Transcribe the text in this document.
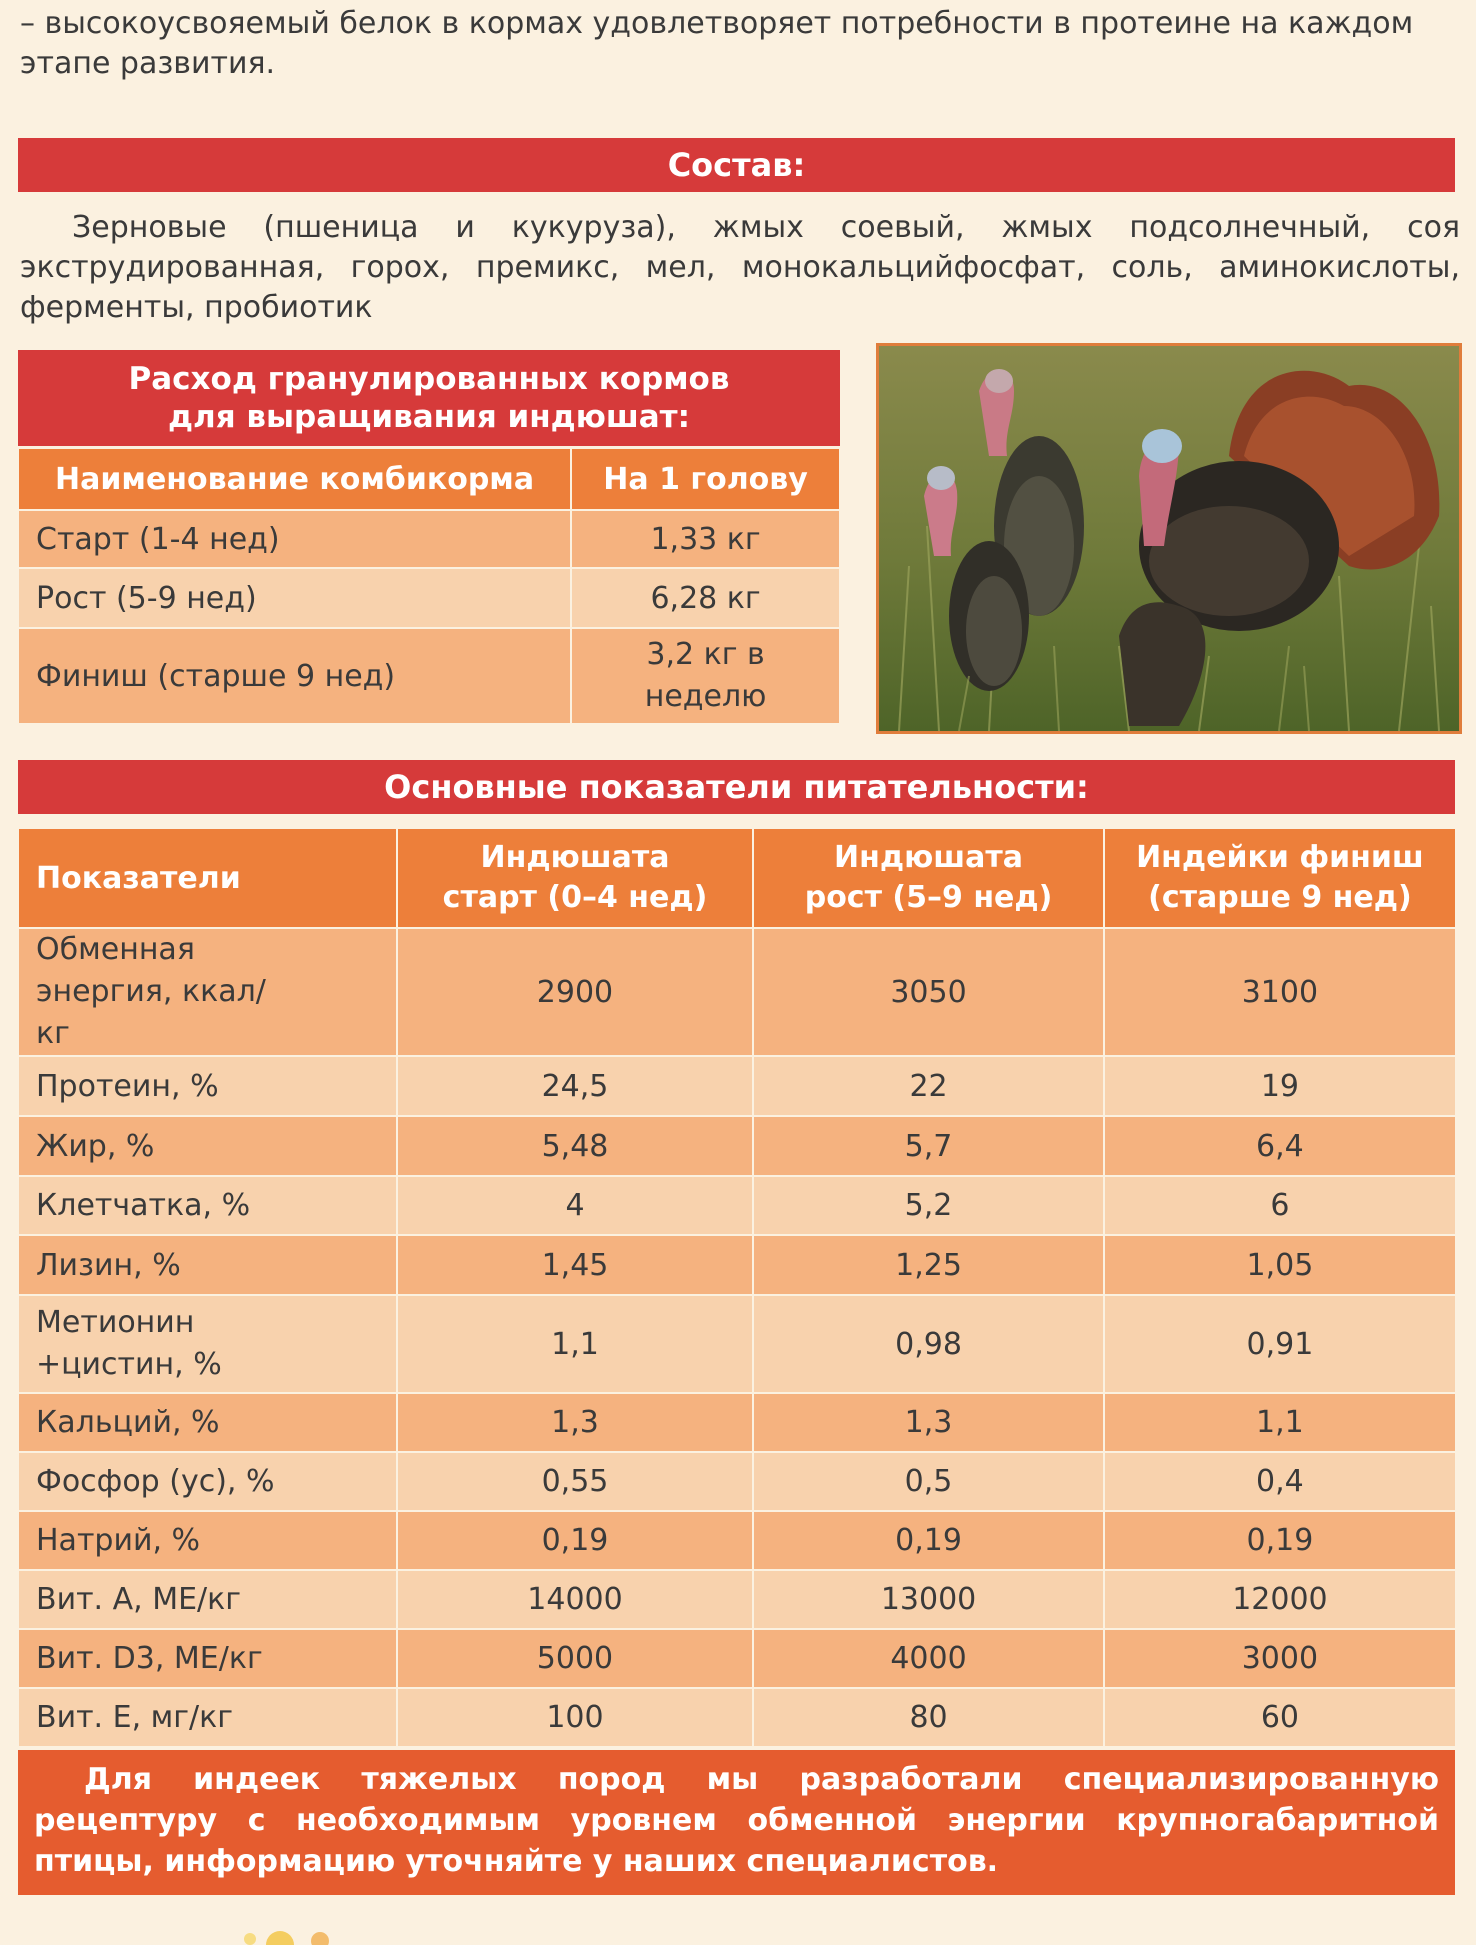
– высокоусвояемый белок в кормах удовлетворяет потребности в протеине на каждом этапе развития.
Состав:
Зерновые (пшеница и кукуруза), жмых соевый, жмых подсолнечный, соя экструдированная, горох, премикс, мел, монокальцийфосфат, соль, аминокислоты, ферменты, пробиотик
Расход гранулированных кормов
для выращивания индюшат:
Наименование комбикорма	На 1 голову
Старт (1-4 нед)	1,33 кг
Рост (5-9 нед)	6,28 кг
Финиш (старше 9 нед)	3,2 кг в неделю
Основные показатели питательности:
Показатели	Индюшата старт (0–4 нед)	Индюшата рост (5–9 нед)	Индейки финиш (старше 9 нед)
Обменная энергия, ккал/кг	2900	3050	3100
Протеин, %	24,5	22	19
Жир, %	5,48	5,7	6,4
Клетчатка, %	4	5,2	6
Лизин, %	1,45	1,25	1,05
Метионин +цистин, %	1,1	0,98	0,91
Кальций, %	1,3	1,3	1,1
Фосфор (ус), %	0,55	0,5	0,4
Натрий, %	0,19	0,19	0,19
Вит. А, МЕ/кг	14000	13000	12000
Вит. D3, МЕ/кг	5000	4000	3000
Вит. Е, мг/кг	100	80	60
Для индеек тяжелых пород мы разработали специализированную рецептуру с необходимым уровнем обменной энергии крупногабаритной птицы, информацию уточняйте у наших специалистов.
